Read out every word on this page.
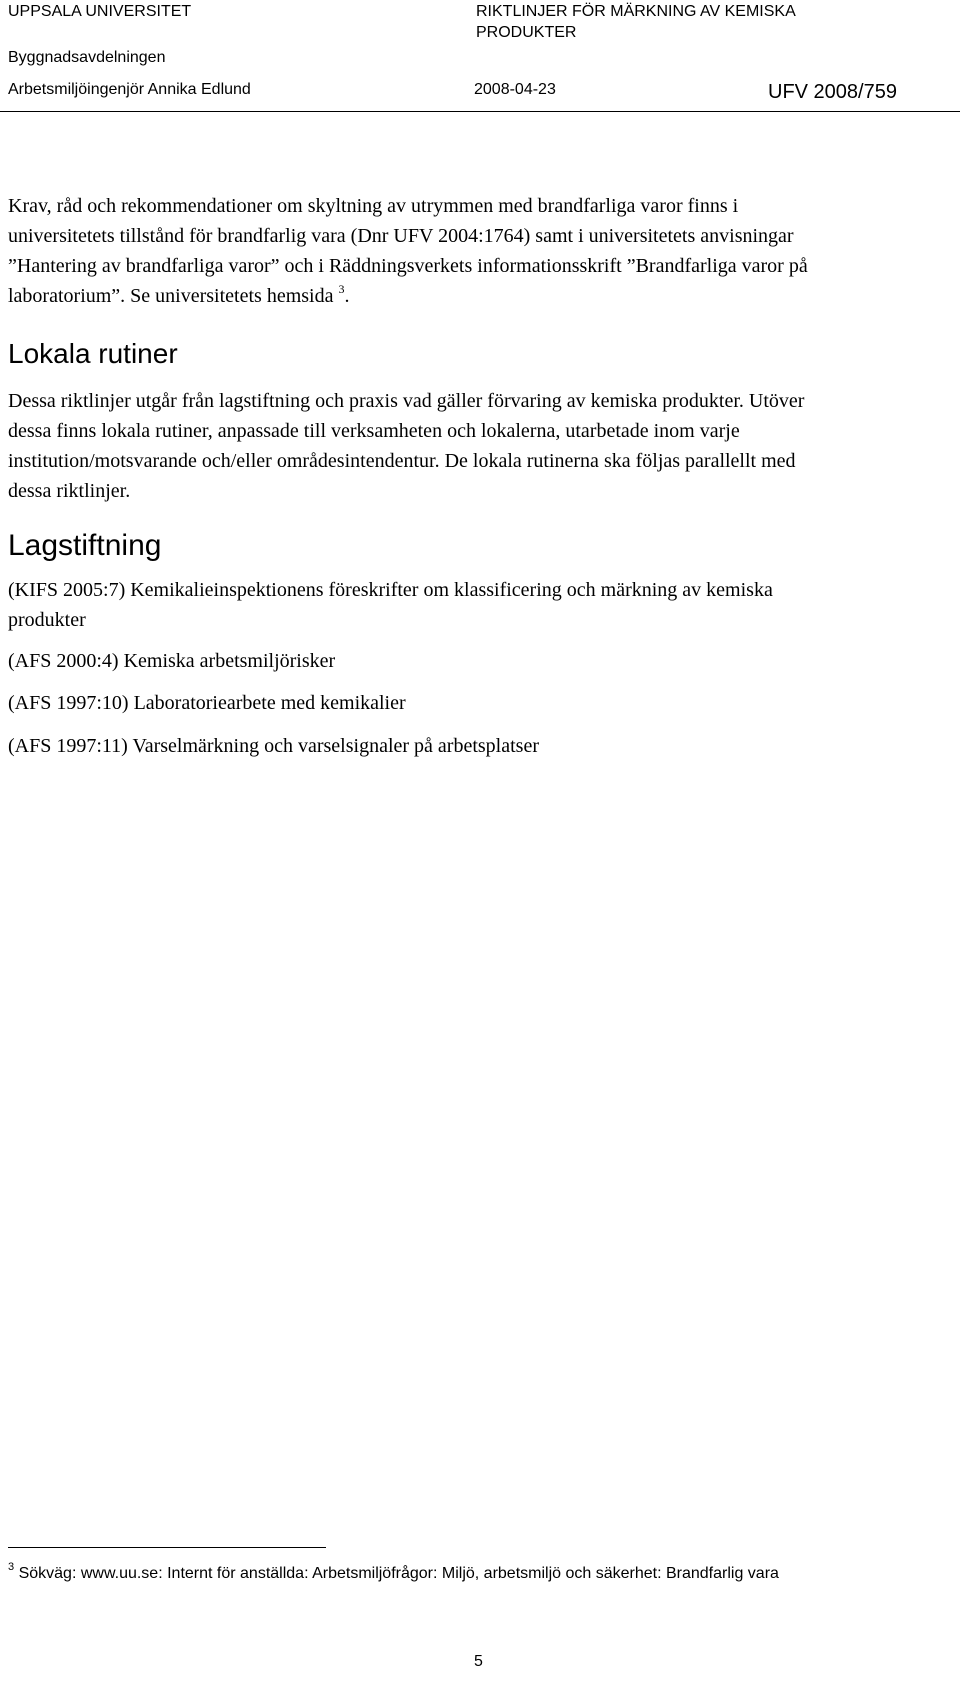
UPPSALA UNIVERSITET
Byggnadsavdelningen
Arbetsmiljöingenjör Annika Edlund
RIKTLINJER FÖR MÄRKNING AV KEMISKA
PRODUKTER
2008-04-23	UFV 2008/759
Krav, råd och rekommendationer om skyltning av utrymmen med brandfarliga varor finns i
universitetets tillstånd för brandfarlig vara (Dnr UFV 2004:1764) samt i universitetets anvisningar
”Hantering av brandfarliga varor” och i Räddningsverkets informationsskrift ”Brandfarliga varor på
laboratorium”. Se universitetets hemsida $^3$.
Lokala rutiner
Dessa riktlinjer utgår från lagstiftning och praxis vad gäller förvaring av kemiska produkter. Utöver
dessa finns lokala rutiner, anpassade till verksamheten och lokalerna, utarbetade inom varje
institution/motsvarande och/eller områdesintendentur. De lokala rutinerna ska följas parallellt med
dessa riktlinjer.
Lagstiftning
(KIFS 2005:7) Kemikalieinspektionens föreskrifter om klassificering och märkning av kemiska
produkter
(AFS 2000:4) Kemiska arbetsmiljörisker
(AFS 1997:10) Laboratoriearbete med kemikalier
(AFS 1997:11) Varselmärkning och varselsignaler på arbetsplatser
$^3$ Sökväg: www.uu.se: Internt för anställda: Arbetsmiljöfrågor: Miljö, arbetsmiljö och säkerhet: Brandfarlig vara
5
